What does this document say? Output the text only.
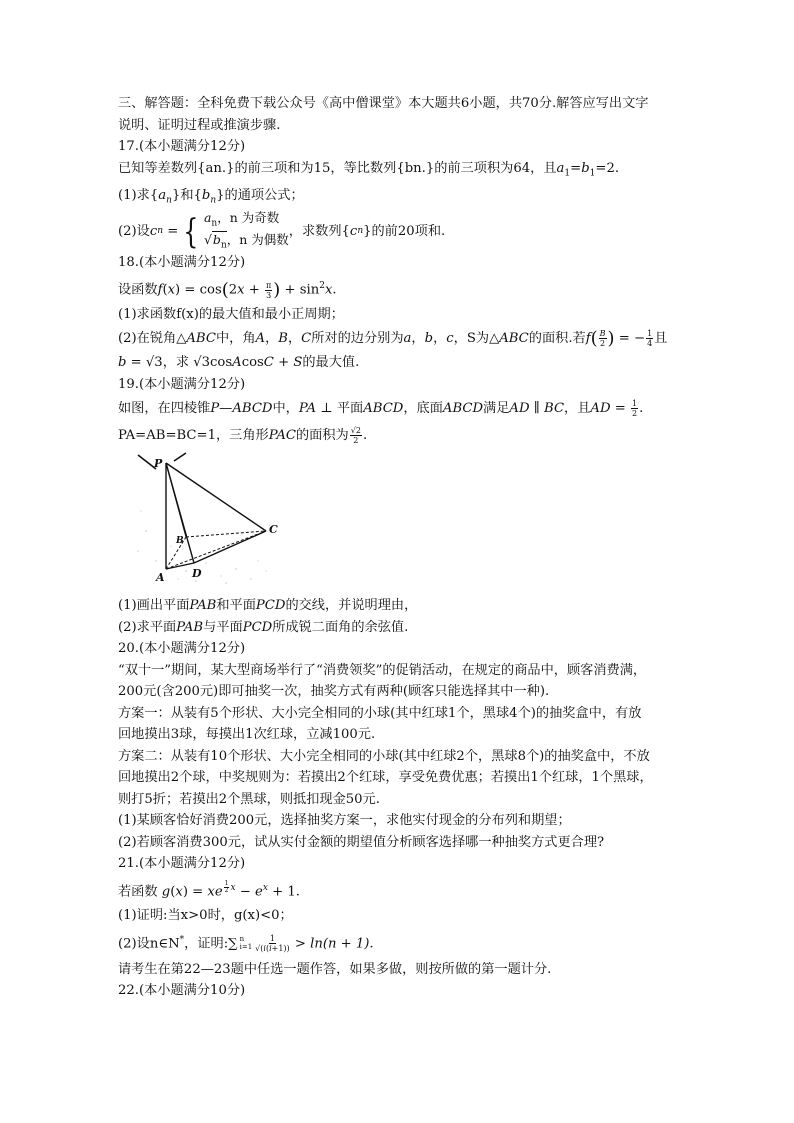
三、解答题：全科免费下载公众号《高中僧课堂》本大题共6小题，共70分.解答应写出文字

说明、证明过程或推演步骤.

17.(本小题满分12分)

已知等差数列{an.}的前三项和为15，等比数列{bn.}的前三项积为64，且$a_1=b_1=2$.

(1)求$\{a_n\}$和$\{b_n\}$的通项公式；

(2)设 c n = { $a_n$，n 为奇数
$√b_n$，n 为偶数
，求数列 { c n } 的前20项和.

18.(本小题满分12分)

设函数$f(x) = \cos(2x + \frac{\pi}{3}$ ) + $\sin^2x$.

(1)求函数f(x)的最大值和最小正周期；

(2)在锐角△ABC中，角A，B，C所对的边分别为a，b，c，S为△ABC的面积.若$f( \frac{B}{2}$ ) = − $\frac{1}{4}$ 且

b = √3，求 √3cosAcosC + S的最大值.

19.(本小题满分12分)

如图，在四棱锥P—ABCD中，PA ⊥ 平面ABCD，底面ABCD满足AD ∥ BC，且AD = $\frac{1}{2}$ .

PA=AB=BC=1，三角形PAC的面积为 $\frac{√2}{2}$ .

P
A D
C
B

(1)画出平面PAB和平面PCD的交线，并说明理由，

(2)求平面PAB与平面PCD所成锐二面角的余弦值.

20.(本小题满分12分)

“双十一”期间，某大型商场举行了“消费领奖”的促销活动，在规定的商品中，顾客消费满，

200元(含200元)即可抽奖一次，抽奖方式有两种(顾客只能选择其中一种).

方案一：从装有5个形状、大小完全相同的小球(其中红球1个，黑球4个)的抽奖盒中，有放

回地摸出3球，每摸出1次红球，立减100元.

方案二：从装有10个形状、大小完全相同的小球(其中红球2个，黑球8个)的抽奖盒中，不放

回地摸出2个球，中奖规则为：若摸出2个红球，享受免费优惠；若摸出1个红球，1个黑球，

则打5折；若摸出2个黑球，则抵扣现金50元.

(1)某顾客恰好消费200元，选择抽奖方案一，求他实付现金的分布列和期望；

(2)若顾客消费300元，试从实付金额的期望值分析顾客选择哪一种抽奖方式更合理?

21.(本小题满分12分)

若函数 g(x) = xe $^{\frac{1}{2} x} - e^x + 1$.

(1)证明:当x>0时，g(x)<0；

(2)设n∈N*，证明:∑ n
$i=1 \frac{1}{√(i(i+1))} > \ln(n + 1)$.

请考生在第22—23题中任选一题作答，如果多做，则按所做的第一题计分.

22.(本小题满分10分)
